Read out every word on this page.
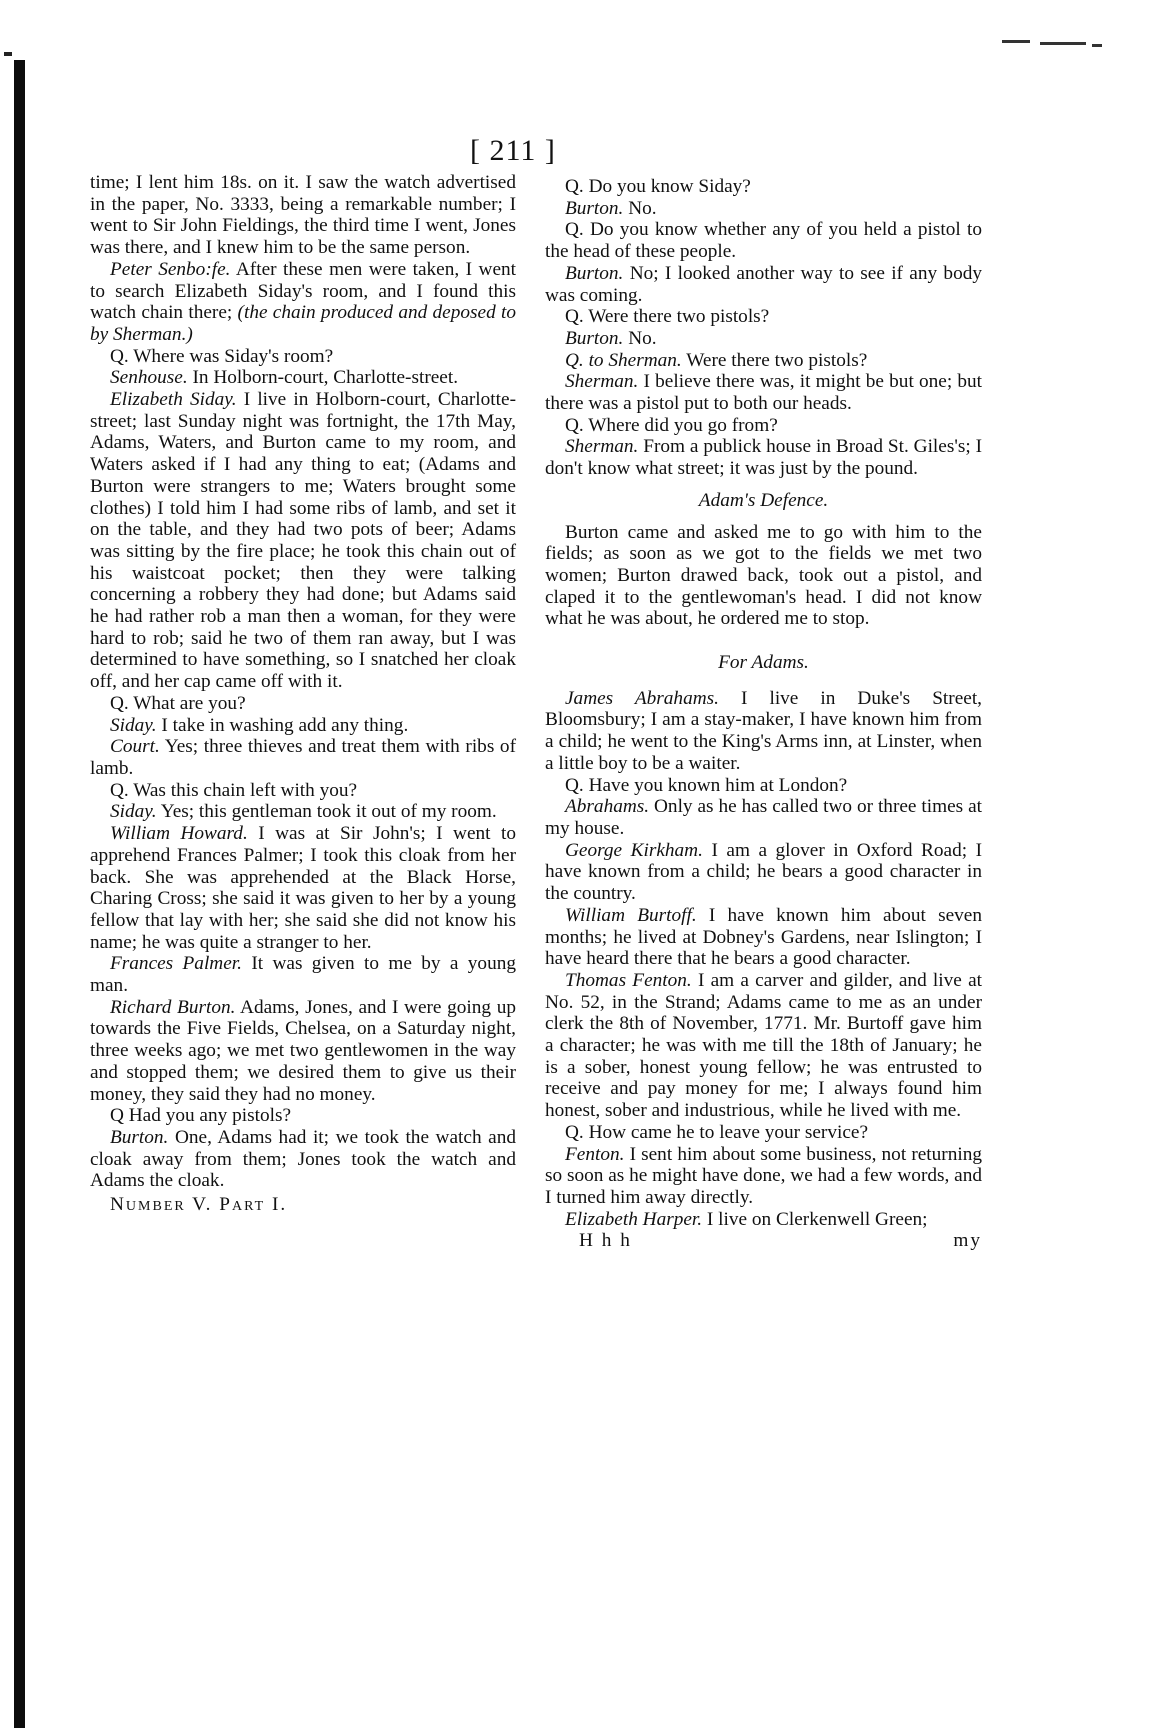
[ 211 ]

time; I lent him 18s. on it. I saw the watch advertised in the paper, No. 3333, being a remarkable number; I went to Sir John Fieldings, the third time I went, Jones was there, and I knew him to be the same person.

Peter Senbo:fe. After these men were taken, I went to search Elizabeth Siday's room, and I found this watch chain there; (the chain produced and deposed to by Sherman.)

Q. Where was Siday's room?

Senhouse. In Holborn-court, Charlotte-street.

Elizabeth Siday. I live in Holborn-court, Charlotte-street; last Sunday night was fortnight, the 17th May, Adams, Waters, and Burton came to my room, and Waters asked if I had any thing to eat; (Adams and Burton were strangers to me; Waters brought some clothes) I told him I had some ribs of lamb, and set it on the table, and they had two pots of beer; Adams was sitting by the fire place; he took this chain out of his waistcoat pocket; then they were talking concerning a robbery they had done; but Adams said he had rather rob a man then a woman, for they were hard to rob; said he two of them ran away, but I was determined to have something, so I snatched her cloak off, and her cap came off with it.

Q. What are you?

Siday. I take in washing add any thing.

Court. Yes; three thieves and treat them with ribs of lamb.

Q. Was this chain left with you?

Siday. Yes; this gentleman took it out of my room.

William Howard. I was at Sir John's; I went to apprehend Frances Palmer; I took this cloak from her back. She was apprehended at the Black Horse, Charing Cross; she said it was given to her by a young fellow that lay with her; she said she did not know his name; he was quite a stranger to her.

Frances Palmer. It was given to me by a young man.

Richard Burton. Adams, Jones, and I were going up towards the Five Fields, Chelsea, on a Saturday night, three weeks ago; we met two gentlewomen in the way and stopped them; we desired them to give us their money, they said they had no money.

Q Had you any pistols?

Burton. One, Adams had it; we took the watch and cloak away from them; Jones took the watch and Adams the cloak.

Number V. Part I.

Q. Do you know Siday?

Burton. No.

Q. Do you know whether any of you held a pistol to the head of these people.

Burton. No; I looked another way to see if any body was coming.

Q. Were there two pistols?

Burton. No.

Q. to Sherman. Were there two pistols?

Sherman. I believe there was, it might be but one; but there was a pistol put to both our heads.

Q. Where did you go from?

Sherman. From a publick house in Broad St. Giles's; I don't know what street; it was just by the pound.

Adam's Defence.

Burton came and asked me to go with him to the fields; as soon as we got to the fields we met two women; Burton drawed back, took out a pistol, and claped it to the gentlewoman's head. I did not know what he was about, he ordered me to stop.

For Adams.

James Abrahams. I live in Duke's Street, Bloomsbury; I am a stay-maker, I have known him from a child; he went to the King's Arms inn, at Linster, when a little boy to be a waiter.

Q. Have you known him at London?

Abrahams. Only as he has called two or three times at my house.

George Kirkham. I am a glover in Oxford Road; I have known from a child; he bears a good character in the country.

William Burtoff. I have known him about seven months; he lived at Dobney's Gardens, near Islington; I have heard there that he bears a good character.

Thomas Fenton. I am a carver and gilder, and live at No. 52, in the Strand; Adams came to me as an under clerk the 8th of November, 1771. Mr. Burtoff gave him a character; he was with me till the 18th of January; he is a sober, honest young fellow; he was entrusted to receive and pay money for me; I always found him honest, sober and industrious, while he lived with me.

Q. How came he to leave your service?

Fenton. I sent him about some business, not returning so soon as he might have done, we had a few words, and I turned him away directly.

Elizabeth Harper. I live on Clerkenwell Green;

H h h	my
